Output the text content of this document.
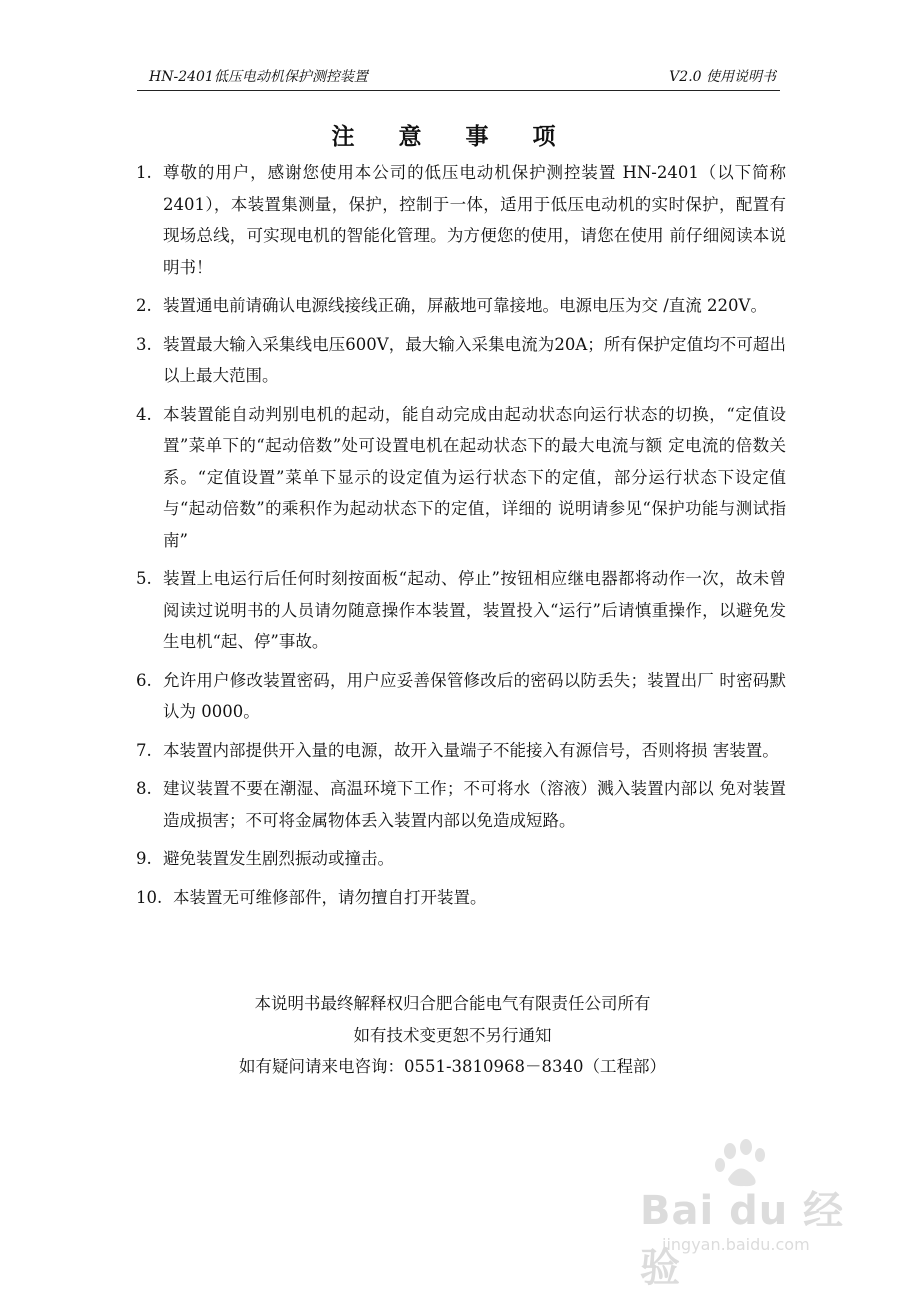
HN-2401低压电动机保护测控装置	V2.0 使用说明书
注 意 事 项
1. 尊敬的用户，感谢您使用本公司的低压电动机保护测控装置 HN-2401（以下简称 2401），本装置集测量，保护，控制于一体，适用于低压电动机的实时保护，配置有现场总线，可实现电机的智能化管理。为方便您的使用，请您在使用 前仔细阅读本说明书！
2. 装置通电前请确认电源线接线正确，屏蔽地可靠接地。电源电压为交 /直流 220V。
3. 装置最大输入采集线电压600V，最大输入采集电流为20A；所有保护定值均不可超出以上最大范围。
4. 本装置能自动判别电机的起动，能自动完成由起动状态向运行状态的切换，“定值设置”菜单下的“起动倍数”处可设置电机在起动状态下的最大电流与额 定电流的倍数关系。“定值设置”菜单下显示的设定值为运行状态下的定值，部分运行状态下设定值与“起动倍数”的乘积作为起动状态下的定值，详细的 说明请参见“保护功能与测试指南”
5. 装置上电运行后任何时刻按面板“起动、停止”按钮相应继电器都将动作一次，故未曾阅读过说明书的人员请勿随意操作本装置，装置投入“运行”后请慎重操作，以避免发生电机“起、停”事故。
6. 允许用户修改装置密码，用户应妥善保管修改后的密码以防丢失；装置出厂 时密码默认为 0000。
7. 本装置内部提供开入量的电源，故开入量端子不能接入有源信号，否则将损 害装置。
8. 建议装置不要在潮湿、高温环境下工作；不可将水（溶液）溅入装置内部以 免对装置造成损害；不可将金属物体丢入装置内部以免造成短路。
9. 避免装置发生剧烈振动或撞击。
10. 本装置无可维修部件，请勿擅自打开装置。
本说明书最终解释权归合肥合能电气有限责任公司所有
如有技术变更恕不另行通知
如有疑问请来电咨询：0551-3810968－8340（工程部）
Bai du 经验
jingyan.baidu.com
